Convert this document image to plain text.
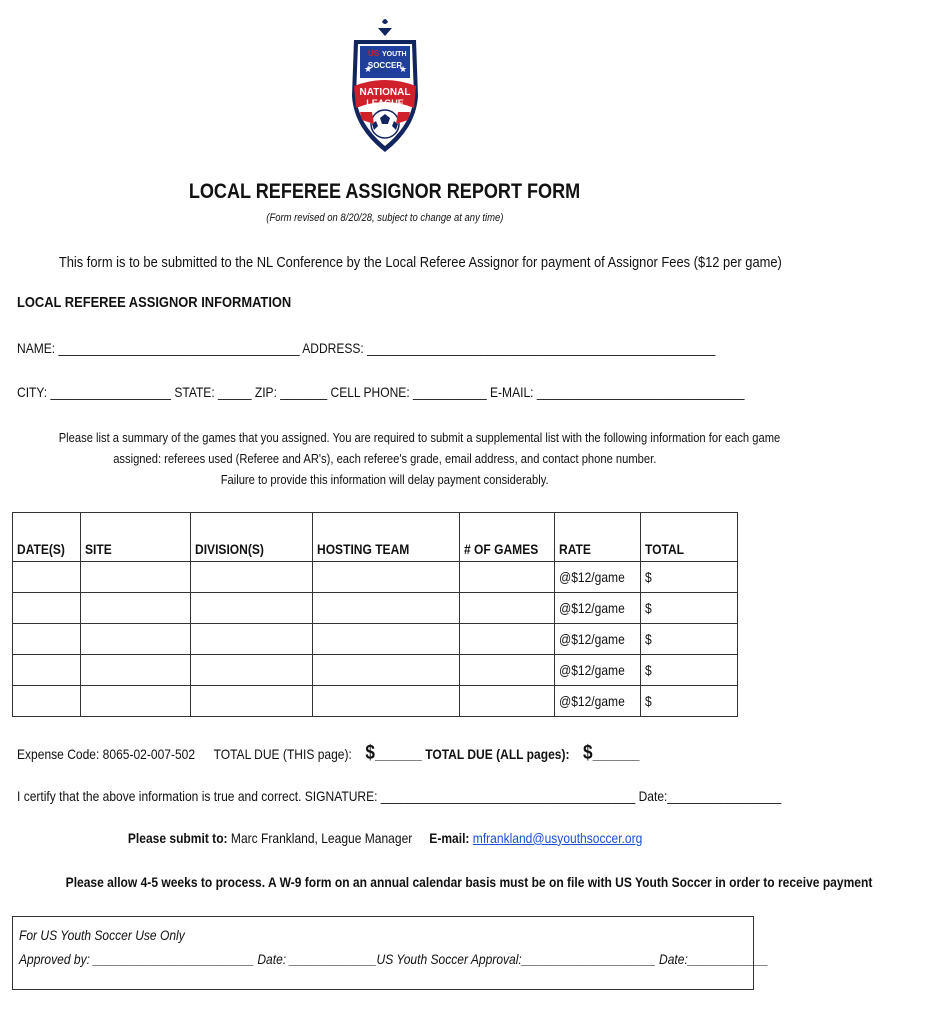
★	★
US YOUTH
SOCCER
NATIONAL
LEAGUE
LOCAL REFEREE ASSIGNOR REPORT FORM
(Form revised on 8/20/28, subject to change at any time)
This form is to be submitted to the NL Conference by the Local Referee Assignor for payment of Assignor Fees ($12 per game)
LOCAL REFEREE ASSIGNOR INFORMATION
NAME: ____________________________________ ADDRESS: ____________________________________________________
CITY: __________________ STATE: _____ ZIP: _______ CELL PHONE: ___________ E-MAIL: _______________________________
Please list a summary of the games that you assigned. You are required to submit a supplemental list with the following information for each game
assigned: referees used (Referee and AR's), each referee's grade, email address, and contact phone number.
Failure to provide this information will delay payment considerably.
DATE(S)	SITE	DIVISION(S)	HOSTING TEAM	# OF GAMES	RATE	TOTAL
					@$12/game	$
					@$12/game	$
					@$12/game	$
					@$12/game	$
					@$12/game	$
Expense Code: 8065-02-007-502 TOTAL DUE (THIS page): $_______ TOTAL DUE (ALL pages): $_______
I certify that the above information is true and correct. SIGNATURE: ______________________________________ Date:_________________
Please submit to: Marc Frankland, League Manager E-mail: mfrankland@usyouthsoccer.org
Please allow 4-5 weeks to process. A W-9 form on an annual calendar basis must be on file with US Youth Soccer in order to receive payment
For US Youth Soccer Use Only
Approved by: ________________________ Date: _____________US Youth Soccer Approval:____________________ Date:____________
